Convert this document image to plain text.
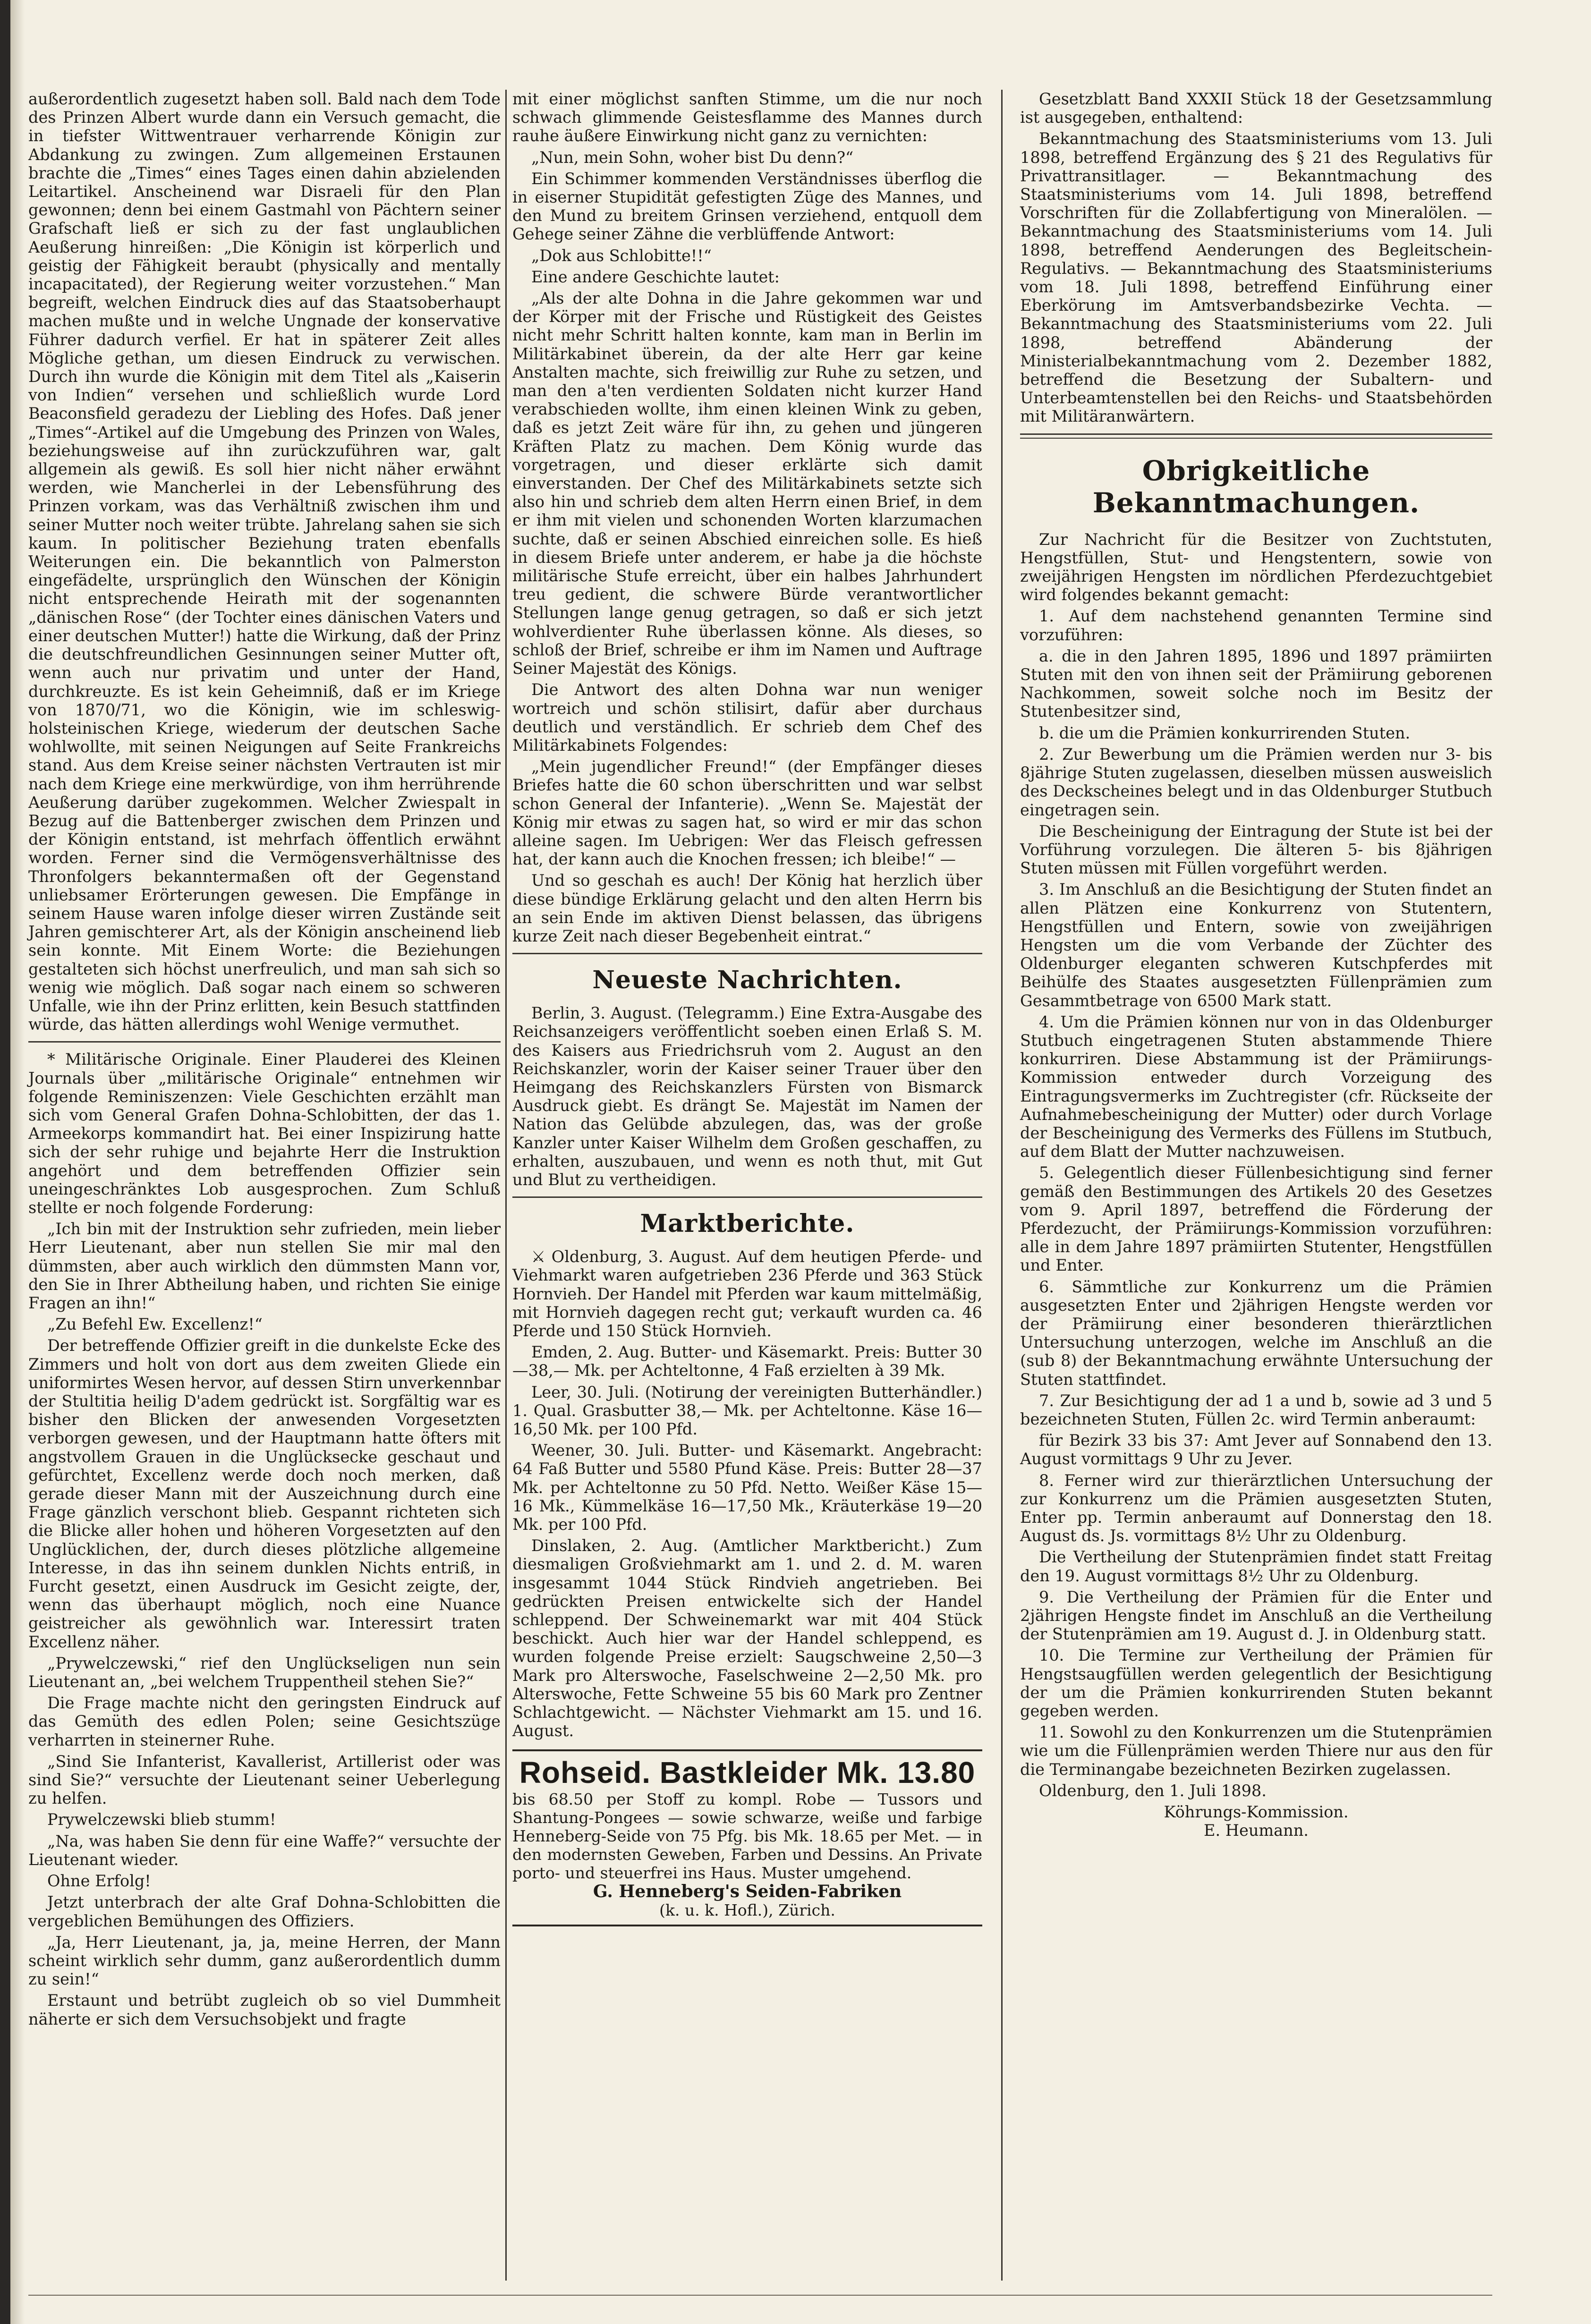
außerordentlich zugesetzt haben soll. Bald nach dem Tode des Prinzen Albert wurde dann ein Versuch gemacht, die in tiefster Wittwentrauer verharrende Königin zur Abdankung zu zwingen. Zum allgemeinen Erstaunen brachte die „Times“ eines Tages einen dahin abzielenden Leitartikel. Anscheinend war Disraeli für den Plan gewonnen; denn bei einem Gastmahl von Pächtern seiner Grafschaft ließ er sich zu der fast unglaublichen Aeußerung hinreißen: „Die Königin ist körperlich und geistig der Fähigkeit beraubt (physically and mentally incapacitated), der Regierung weiter vorzustehen.“ Man begreift, welchen Eindruck dies auf das Staatsoberhaupt machen mußte und in welche Ungnade der konservative Führer dadurch verfiel. Er hat in späterer Zeit alles Mögliche gethan, um diesen Eindruck zu verwischen. Durch ihn wurde die Königin mit dem Titel als „Kaiserin von Indien“ versehen und schließlich wurde Lord Beaconsfield geradezu der Liebling des Hofes. Daß jener „Times“-Artikel auf die Umgebung des Prinzen von Wales, beziehungsweise auf ihn zurückzuführen war, galt allgemein als gewiß. Es soll hier nicht näher erwähnt werden, wie Mancherlei in der Lebensführung des Prinzen vorkam, was das Verhältniß zwischen ihm und seiner Mutter noch weiter trübte. Jahrelang sahen sie sich kaum. In politischer Beziehung traten ebenfalls Weiterungen ein. Die bekanntlich von Palmerston eingefädelte, ursprünglich den Wünschen der Königin nicht entsprechende Heirath mit der sogenannten „dänischen Rose“ (der Tochter eines dänischen Vaters und einer deutschen Mutter!) hatte die Wirkung, daß der Prinz die deutschfreundlichen Gesinnungen seiner Mutter oft, wenn auch nur privatim und unter der Hand, durchkreuzte. Es ist kein Geheimniß, daß er im Kriege von 1870/71, wo die Königin, wie im schleswig-holsteinischen Kriege, wiederum der deutschen Sache wohlwollte, mit seinen Neigungen auf Seite Frankreichs stand. Aus dem Kreise seiner nächsten Vertrauten ist mir nach dem Kriege eine merkwürdige, von ihm herrührende Aeußerung darüber zugekommen. Welcher Zwiespalt in Bezug auf die Battenberger zwischen dem Prinzen und der Königin entstand, ist mehrfach öffentlich erwähnt worden. Ferner sind die Vermögensverhältnisse des Thronfolgers bekanntermaßen oft der Gegenstand unliebsamer Erörterungen gewesen. Die Empfänge in seinem Hause waren infolge dieser wirren Zustände seit Jahren gemischterer Art, als der Königin anscheinend lieb sein konnte. Mit Einem Worte: die Beziehungen gestalteten sich höchst unerfreulich, und man sah sich so wenig wie möglich. Daß sogar nach einem so schweren Unfalle, wie ihn der Prinz erlitten, kein Besuch stattfinden würde, das hätten allerdings wohl Wenige vermuthet.

* Militärische Originale. Einer Plauderei des Kleinen Journals über „militärische Originale“ entnehmen wir folgende Reminiszenzen: Viele Geschichten erzählt man sich vom General Grafen Dohna-Schlobitten, der das 1. Armeekorps kommandirt hat. Bei einer Inspizirung hatte sich der sehr ruhige und bejahrte Herr die Instruktion angehört und dem betreffenden Offizier sein uneingeschränktes Lob ausgesprochen. Zum Schluß stellte er noch folgende Forderung:

„Ich bin mit der Instruktion sehr zufrieden, mein lieber Herr Lieutenant, aber nun stellen Sie mir mal den dümmsten, aber auch wirklich den dümmsten Mann vor, den Sie in Ihrer Abtheilung haben, und richten Sie einige Fragen an ihn!“

„Zu Befehl Ew. Excellenz!“

Der betreffende Offizier greift in die dunkelste Ecke des Zimmers und holt von dort aus dem zweiten Gliede ein uniformirtes Wesen hervor, auf dessen Stirn unverkennbar der Stultitia heilig D'adem gedrückt ist. Sorgfältig war es bisher den Blicken der anwesenden Vorgesetzten verborgen gewesen, und der Hauptmann hatte öfters mit angstvollem Grauen in die Unglücksecke geschaut und gefürchtet, Excellenz werde doch noch merken, daß gerade dieser Mann mit der Auszeichnung durch eine Frage gänzlich verschont blieb. Gespannt richteten sich die Blicke aller hohen und höheren Vorgesetzten auf den Unglücklichen, der, durch dieses plötzliche allgemeine Interesse, in das ihn seinem dunklen Nichts entriß, in Furcht gesetzt, einen Ausdruck im Gesicht zeigte, der, wenn das überhaupt möglich, noch eine Nuance geistreicher als gewöhnlich war. Interessirt traten Excellenz näher.

„Prywelczewski,“ rief den Unglückseligen nun sein Lieutenant an, „bei welchem Truppentheil stehen Sie?“

Die Frage machte nicht den geringsten Eindruck auf das Gemüth des edlen Polen; seine Gesichtszüge verharrten in steinerner Ruhe.

„Sind Sie Infanterist, Kavallerist, Artillerist oder was sind Sie?“ versuchte der Lieutenant seiner Ueberlegung zu helfen.

Prywelczewski blieb stumm!

„Na, was haben Sie denn für eine Waffe?“ versuchte der Lieutenant wieder.

Ohne Erfolg!

Jetzt unterbrach der alte Graf Dohna-Schlobitten die vergeblichen Bemühungen des Offiziers.

„Ja, Herr Lieutenant, ja, ja, meine Herren, der Mann scheint wirklich sehr dumm, ganz außerordentlich dumm zu sein!“

Erstaunt und betrübt zugleich ob so viel Dummheit näherte er sich dem Versuchsobjekt und fragte

mit einer möglichst sanften Stimme, um die nur noch schwach glimmende Geistesflamme des Mannes durch rauhe äußere Einwirkung nicht ganz zu vernichten:

„Nun, mein Sohn, woher bist Du denn?“

Ein Schimmer kommenden Verständnisses überflog die in eiserner Stupidität gefestigten Züge des Mannes, und den Mund zu breitem Grinsen verziehend, entquoll dem Gehege seiner Zähne die verblüffende Antwort:

„Dok aus Schlobitte!!“

Eine andere Geschichte lautet:

„Als der alte Dohna in die Jahre gekommen war und der Körper mit der Frische und Rüstigkeit des Geistes nicht mehr Schritt halten konnte, kam man in Berlin im Militärkabinet überein, da der alte Herr gar keine Anstalten machte, sich freiwillig zur Ruhe zu setzen, und man den a'ten verdienten Soldaten nicht kurzer Hand verabschieden wollte, ihm einen kleinen Wink zu geben, daß es jetzt Zeit wäre für ihn, zu gehen und jüngeren Kräften Platz zu machen. Dem König wurde das vorgetragen, und dieser erklärte sich damit einverstanden. Der Chef des Militärkabinets setzte sich also hin und schrieb dem alten Herrn einen Brief, in dem er ihm mit vielen und schonenden Worten klarzumachen suchte, daß er seinen Abschied einreichen solle. Es hieß in diesem Briefe unter anderem, er habe ja die höchste militärische Stufe erreicht, über ein halbes Jahrhundert treu gedient, die schwere Bürde verantwortlicher Stellungen lange genug getragen, so daß er sich jetzt wohlverdienter Ruhe überlassen könne. Als dieses, so schloß der Brief, schreibe er ihm im Namen und Auftrage Seiner Majestät des Königs.

Die Antwort des alten Dohna war nun weniger wortreich und schön stilisirt, dafür aber durchaus deutlich und verständlich. Er schrieb dem Chef des Militärkabinets Folgendes:

„Mein jugendlicher Freund!“ (der Empfänger dieses Briefes hatte die 60 schon überschritten und war selbst schon General der Infanterie). „Wenn Se. Majestät der König mir etwas zu sagen hat, so wird er mir das schon alleine sagen. Im Uebrigen: Wer das Fleisch gefressen hat, der kann auch die Knochen fressen; ich bleibe!“ —

Und so geschah es auch! Der König hat herzlich über diese bündige Erklärung gelacht und den alten Herrn bis an sein Ende im aktiven Dienst belassen, das übrigens kurze Zeit nach dieser Begebenheit eintrat.“

Neueste Nachrichten.

Berlin, 3. August. (Telegramm.) Eine Extra-Ausgabe des Reichsanzeigers veröffentlicht soeben einen Erlaß S. M. des Kaisers aus Friedrichsruh vom 2. August an den Reichskanzler, worin der Kaiser seiner Trauer über den Heimgang des Reichskanzlers Fürsten von Bismarck Ausdruck giebt. Es drängt Se. Majestät im Namen der Nation das Gelübde abzulegen, das, was der große Kanzler unter Kaiser Wilhelm dem Großen geschaffen, zu erhalten, auszubauen, und wenn es noth thut, mit Gut und Blut zu vertheidigen.

Marktberichte.

⚔ Oldenburg, 3. August. Auf dem heutigen Pferde- und Viehmarkt waren aufgetrieben 236 Pferde und 363 Stück Hornvieh. Der Handel mit Pferden war kaum mittelmäßig, mit Hornvieh dagegen recht gut; verkauft wurden ca. 46 Pferde und 150 Stück Hornvieh.

Emden, 2. Aug. Butter- und Käsemarkt. Preis: Butter 30—38,— Mk. per Achteltonne, 4 Faß erzielten à 39 Mk.

Leer, 30. Juli. (Notirung der vereinigten Butterhändler.) 1. Qual. Grasbutter 38,— Mk. per Achteltonne. Käse 16—16,50 Mk. per 100 Pfd.

Weener, 30. Juli. Butter- und Käsemarkt. Angebracht: 64 Faß Butter und 5580 Pfund Käse. Preis: Butter 28—37 Mk. per Achteltonne zu 50 Pfd. Netto. Weißer Käse 15—16 Mk., Kümmelkäse 16—17,50 Mk., Kräuterkäse 19—20 Mk. per 100 Pfd.

Dinslaken, 2. Aug. (Amtlicher Marktbericht.) Zum diesmaligen Großviehmarkt am 1. und 2. d. M. waren insgesammt 1044 Stück Rindvieh angetrieben. Bei gedrückten Preisen entwickelte sich der Handel schleppend. Der Schweinemarkt war mit 404 Stück beschickt. Auch hier war der Handel schleppend, es wurden folgende Preise erzielt: Saugschweine 2,50—3 Mark pro Alterswoche, Faselschweine 2—2,50 Mk. pro Alterswoche, Fette Schweine 55 bis 60 Mark pro Zentner Schlachtgewicht. — Nächster Viehmarkt am 15. und 16. August.

Rohseid. Bastkleider Mk. 13.80
bis 68.50 per Stoff zu kompl. Robe — Tussors und Shantung-Pongees — sowie schwarze, weiße und farbige Henneberg-Seide von 75 Pfg. bis Mk. 18.65 per Met. — in den modernsten Geweben, Farben und Dessins. An Private porto- und steuerfrei ins Haus. Muster umgehend.
G. Henneberg's Seiden-Fabriken
(k. u. k. Hofl.), Zürich.

Gesetzblatt Band XXXII Stück 18 der Gesetzsammlung ist ausgegeben, enthaltend:

Bekanntmachung des Staatsministeriums vom 13. Juli 1898, betreffend Ergänzung des § 21 des Regulativs für Privattransitlager. — Bekanntmachung des Staatsministeriums vom 14. Juli 1898, betreffend Vorschriften für die Zollabfertigung von Mineralölen. — Bekanntmachung des Staatsministeriums vom 14. Juli 1898, betreffend Aenderungen des Begleitschein-Regulativs. — Bekanntmachung des Staatsministeriums vom 18. Juli 1898, betreffend Einführung einer Eberkörung im Amtsverbandsbezirke Vechta. — Bekanntmachung des Staatsministeriums vom 22. Juli 1898, betreffend Abänderung der Ministerialbekanntmachung vom 2. Dezember 1882, betreffend die Besetzung der Subaltern- und Unterbeamtenstellen bei den Reichs- und Staatsbehörden mit Militäranwärtern.

Obrigkeitliche Bekanntmachungen.

Zur Nachricht für die Besitzer von Zuchtstuten, Hengstfüllen, Stut- und Hengstentern, sowie von zweijährigen Hengsten im nördlichen Pferdezuchtgebiet wird folgendes bekannt gemacht:

1. Auf dem nachstehend genannten Termine sind vorzuführen:

a. die in den Jahren 1895, 1896 und 1897 prämiirten Stuten mit den von ihnen seit der Prämiirung geborenen Nachkommen, soweit solche noch im Besitz der Stutenbesitzer sind,

b. die um die Prämien konkurrirenden Stuten.

2. Zur Bewerbung um die Prämien werden nur 3- bis 8jährige Stuten zugelassen, dieselben müssen ausweislich des Deckscheines belegt und in das Oldenburger Stutbuch eingetragen sein.

Die Bescheinigung der Eintragung der Stute ist bei der Vorführung vorzulegen. Die älteren 5- bis 8jährigen Stuten müssen mit Füllen vorgeführt werden.

3. Im Anschluß an die Besichtigung der Stuten findet an allen Plätzen eine Konkurrenz von Stutentern, Hengstfüllen und Entern, sowie von zweijährigen Hengsten um die vom Verbande der Züchter des Oldenburger eleganten schweren Kutschpferdes mit Beihülfe des Staates ausgesetzten Füllenprämien zum Gesammtbetrage von 6500 Mark statt.

4. Um die Prämien können nur von in das Oldenburger Stutbuch eingetragenen Stuten abstammende Thiere konkurriren. Diese Abstammung ist der Prämiirungs-Kommission entweder durch Vorzeigung des Eintragungsvermerks im Zuchtregister (cfr. Rückseite der Aufnahmebescheinigung der Mutter) oder durch Vorlage der Bescheinigung des Vermerks des Füllens im Stutbuch, auf dem Blatt der Mutter nachzuweisen.

5. Gelegentlich dieser Füllenbesichtigung sind ferner gemäß den Bestimmungen des Artikels 20 des Gesetzes vom 9. April 1897, betreffend die Förderung der Pferdezucht, der Prämiirungs-Kommission vorzuführen: alle in dem Jahre 1897 prämiirten Stutenter, Hengstfüllen und Enter.

6. Sämmtliche zur Konkurrenz um die Prämien ausgesetzten Enter und 2jährigen Hengste werden vor der Prämiirung einer besonderen thierärztlichen Untersuchung unterzogen, welche im Anschluß an die (sub 8) der Bekanntmachung erwähnte Untersuchung der Stuten stattfindet.

7. Zur Besichtigung der ad 1 a und b, sowie ad 3 und 5 bezeichneten Stuten, Füllen 2c. wird Termin anberaumt:

für Bezirk 33 bis 37: Amt Jever auf Sonnabend den 13. August vormittags 9 Uhr zu Jever.

8. Ferner wird zur thierärztlichen Untersuchung der zur Konkurrenz um die Prämien ausgesetzten Stuten, Enter pp. Termin anberaumt auf Donnerstag den 18. August ds. Js. vormittags 8½ Uhr zu Oldenburg.

Die Vertheilung der Stutenprämien findet statt Freitag den 19. August vormittags 8½ Uhr zu Oldenburg.

9. Die Vertheilung der Prämien für die Enter und 2jährigen Hengste findet im Anschluß an die Vertheilung der Stutenprämien am 19. August d. J. in Oldenburg statt.

10. Die Termine zur Vertheilung der Prämien für Hengstsaugfüllen werden gelegentlich der Besichtigung der um die Prämien konkurrirenden Stuten bekannt gegeben werden.

11. Sowohl zu den Konkurrenzen um die Stutenprämien wie um die Füllenprämien werden Thiere nur aus den für die Terminangabe bezeichneten Bezirken zugelassen.

Oldenburg, den 1. Juli 1898.

Köhrungs-Kommission.
E. Heumann.
